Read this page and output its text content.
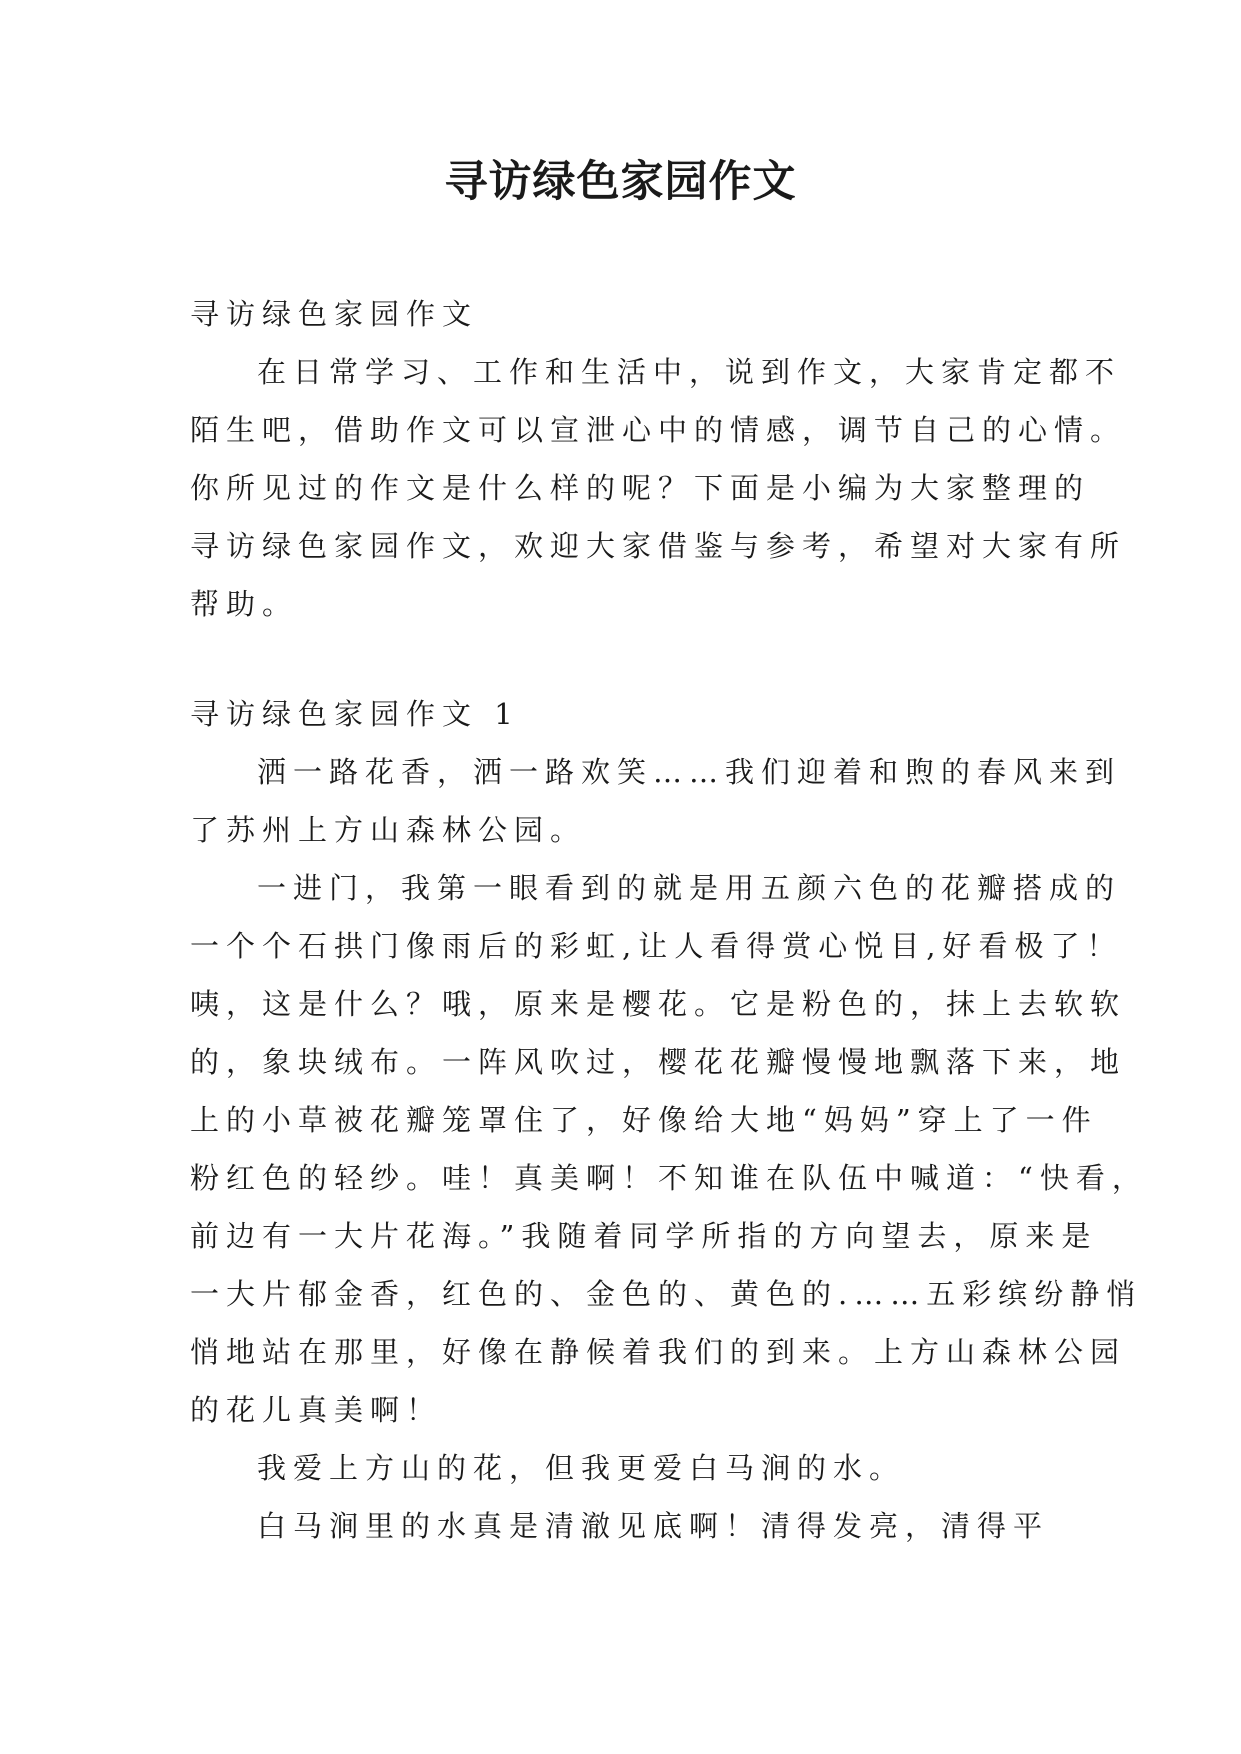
寻访绿色家园作文
寻访绿色家园作文
在日常学习、工作和生活中，说到作文，大家肯定都不
陌生吧，借助作文可以宣泄心中的情感，调节自己的心情。
你所见过的作文是什么样的呢？下面是小编为大家整理的
寻访绿色家园作文，欢迎大家借鉴与参考，希望对大家有所
帮助。
寻访绿色家园作文 1
洒一路花香，洒一路欢笑……我们迎着和煦的春风来到
了苏州上方山森林公园。
一进门，我第一眼看到的就是用五颜六色的花瓣搭成的
一个个石拱门像雨后的彩虹,让人看得赏心悦目,好看极了！
咦，这是什么？哦，原来是樱花。它是粉色的，抹上去软软
的，象块绒布。一阵风吹过，樱花花瓣慢慢地飘落下来，地
上的小草被花瓣笼罩住了，好像给大地“妈妈”穿上了一件
粉红色的轻纱。哇！真美啊！不知谁在队伍中喊道：“快看，
前边有一大片花海。”我随着同学所指的方向望去，原来是
一大片郁金香，红色的、金色的、黄色的.……五彩缤纷静悄
悄地站在那里，好像在静候着我们的到来。上方山森林公园
的花儿真美啊！
我爱上方山的花，但我更爱白马涧的水。
白马涧里的水真是清澈见底啊！清得发亮，清得平
